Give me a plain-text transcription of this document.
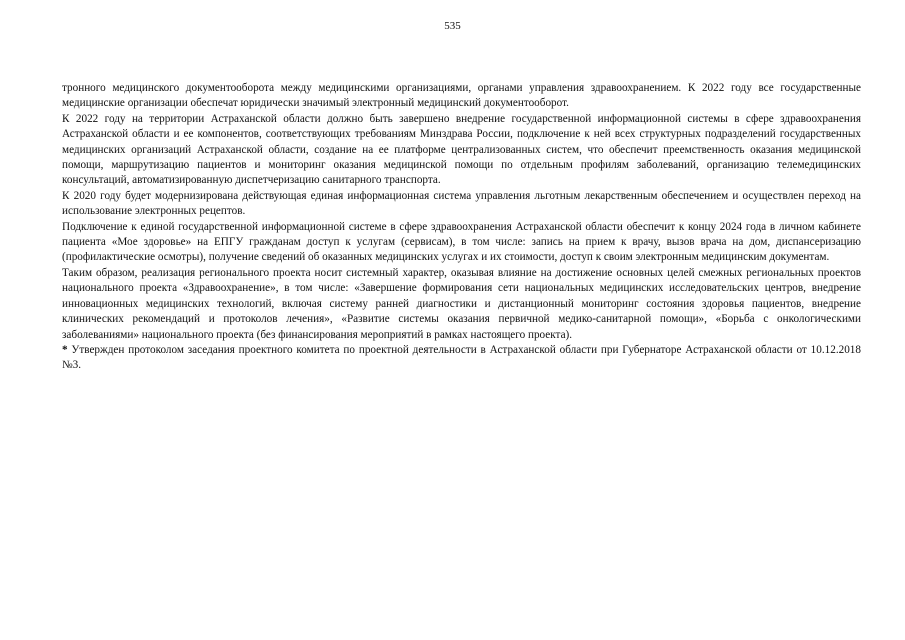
535

тронного медицинского документооборота между медицинскими организациями, органами управления здравоохранением. К 2022 году все государственные медицинские организации обеспечат юридически значимый электронный медицинский документооборот.

К 2022 году на территории Астраханской области должно быть завершено внедрение государственной информационной системы в сфере здравоохранения Астраханской области и ее компонентов, соответствующих требованиям Минздрава России, подключение к ней всех структурных подразделений государственных медицинских организаций Астраханской области, создание на ее платформе централизованных систем, что обеспечит преемственность оказания медицинской помощи, маршрутизацию пациентов и мониторинг оказания медицинской помощи по отдельным профилям заболеваний, организацию телемедицинских консультаций, автоматизированную диспетчеризацию санитарного транспорта.

К 2020 году будет модернизирована действующая единая информационная система управления льготным лекарственным обеспечением и осуществлен переход на использование электронных рецептов.

Подключение к единой государственной информационной системе в сфере здравоохранения Астраханской области обеспечит к концу 2024 года в личном кабинете пациента «Мое здоровье» на ЕПГУ гражданам доступ к услугам (сервисам), в том числе: запись на прием к врачу, вызов врача на дом, диспансеризацию (профилактические осмотры), получение сведений об оказанных медицинских услугах и их стоимости, доступ к своим электронным медицинским документам.

Таким образом, реализация регионального проекта носит системный характер, оказывая влияние на достижение основных целей смежных региональных проектов национального проекта «Здравоохранение», в том числе: «Завершение формирования сети национальных медицинских исследовательских центров, внедрение инновационных медицинских технологий, включая систему ранней диагностики и дистанционный мониторинг состояния здоровья пациентов, внедрение клинических рекомендаций и протоколов лечения», «Развитие системы оказания первичной медико-санитарной помощи», «Борьба с онкологическими заболеваниями» национального проекта (без финансирования мероприятий в рамках настоящего проекта).

* Утвержден протоколом заседания проектного комитета по проектной деятельности в Астраханской области при Губернаторе Астраханской области от 10.12.2018 №3.
